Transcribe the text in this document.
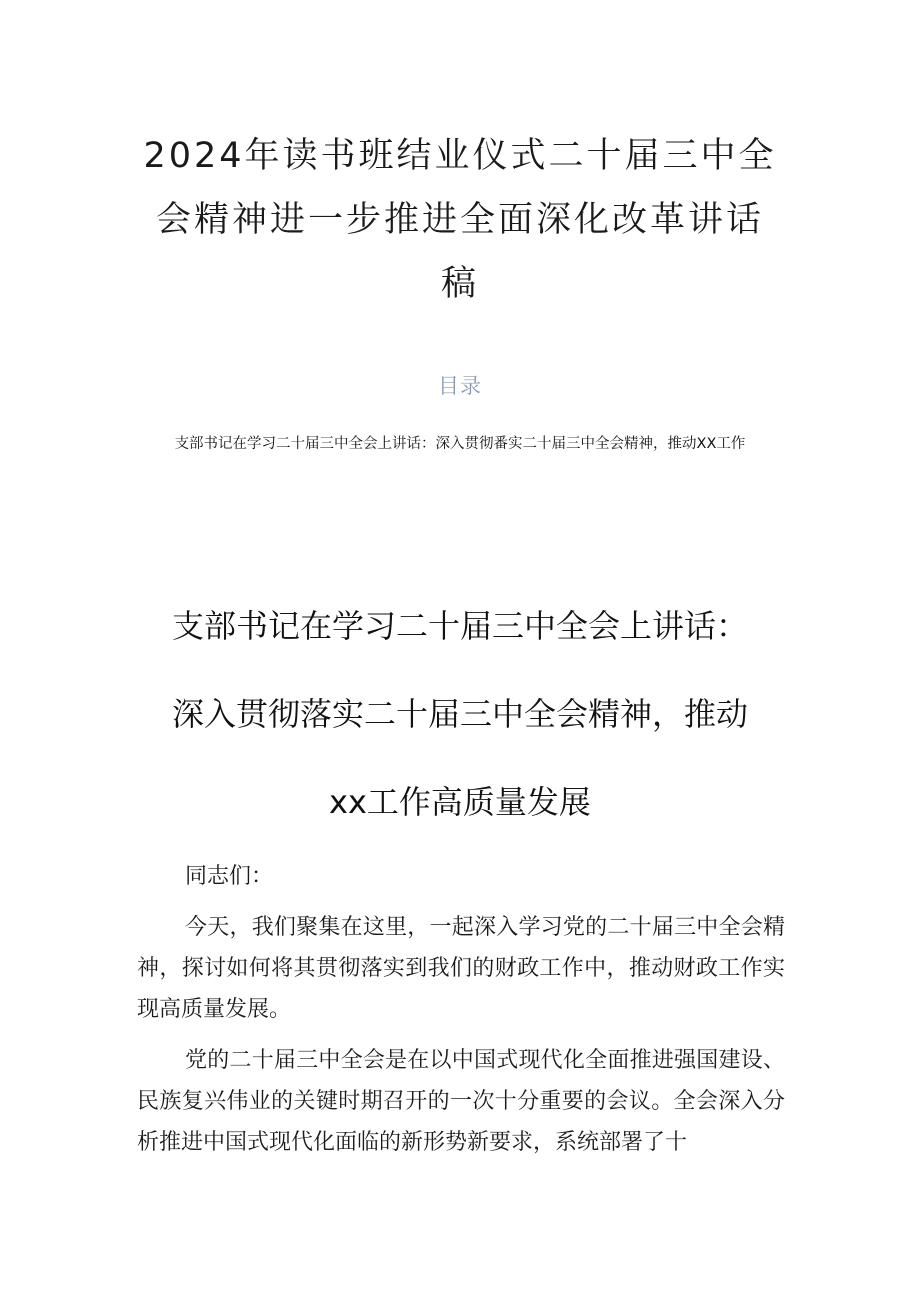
2024年读书班结业仪式二十届三中全会精神进一步推进全面深化改革讲话稿
目录
支部书记在学习二十届三中全会上讲话：深入贯彻番实二十届三中全会精神，推动XX工作
支部书记在学习二十届三中全会上讲话：
深入贯彻落实二十届三中全会精神，推动
xx工作高质量发展

同志们：

今天，我们聚集在这里，一起深入学习党的二十届三中全会精神，探讨如何将其贯彻落实到我们的财政工作中，推动财政工作实现高质量发展。

党的二十届三中全会是在以中国式现代化全面推进强国建设、民族复兴伟业的关键时期召开的一次十分重要的会议。全会深入分析推进中国式现代化面临的新形势新要求，系统部署了十
